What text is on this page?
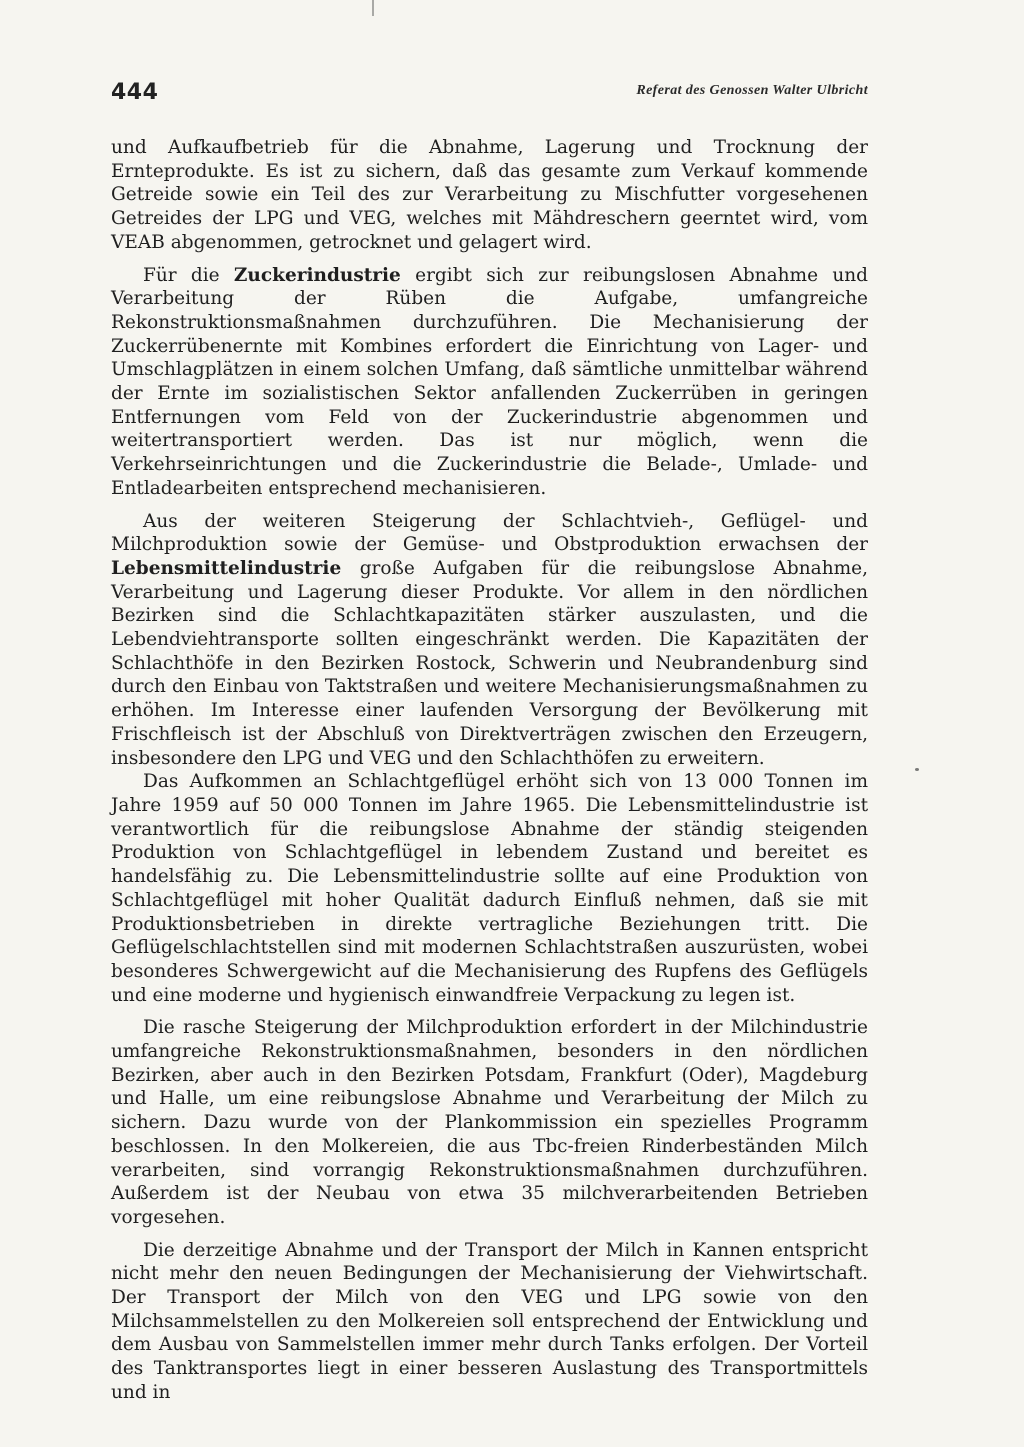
444	Referat des Genossen Walter Ulbricht

und Aufkaufbetrieb für die Abnahme, Lagerung und Trocknung der Ernteprodukte. Es ist zu sichern, daß das gesamte zum Verkauf kommende Getreide sowie ein Teil des zur Verarbeitung zu Mischfutter vorgesehenen Getreides der LPG und VEG, welches mit Mähdreschern geerntet wird, vom VEAB abgenommen, getrocknet und gelagert wird.

Für die Zuckerindustrie ergibt sich zur reibungslosen Abnahme und Verarbeitung der Rüben die Aufgabe, umfangreiche Rekonstruktionsmaßnahmen durchzuführen. Die Mechanisierung der Zuckerrübenernte mit Kombines erfordert die Einrichtung von Lager- und Umschlagplätzen in einem solchen Umfang, daß sämtliche unmittelbar während der Ernte im sozialistischen Sektor anfallenden Zuckerrüben in geringen Entfernungen vom Feld von der Zuckerindustrie abgenommen und weitertransportiert werden. Das ist nur möglich, wenn die Verkehrseinrichtungen und die Zuckerindustrie die Belade-, Umlade- und Entladearbeiten entsprechend mechanisieren.

Aus der weiteren Steigerung der Schlachtvieh-, Geflügel- und Milchproduktion sowie der Gemüse- und Obstproduktion erwachsen der Lebensmittelindustrie große Aufgaben für die reibungslose Abnahme, Verarbeitung und Lagerung dieser Produkte. Vor allem in den nördlichen Bezirken sind die Schlachtkapazitäten stärker auszulasten, und die Lebendviehtransporte sollten eingeschränkt werden. Die Kapazitäten der Schlachthöfe in den Bezirken Rostock, Schwerin und Neubrandenburg sind durch den Einbau von Taktstraßen und weitere Mechanisierungsmaßnahmen zu erhöhen. Im Interesse einer laufenden Versorgung der Bevölkerung mit Frischfleisch ist der Abschluß von Direktverträgen zwischen den Erzeugern, insbesondere den LPG und VEG und den Schlachthöfen zu erweitern.

Das Aufkommen an Schlachtgeflügel erhöht sich von 13 000 Tonnen im Jahre 1959 auf 50 000 Tonnen im Jahre 1965. Die Lebensmittelindustrie ist verantwortlich für die reibungslose Abnahme der ständig steigenden Produktion von Schlachtgeflügel in lebendem Zustand und bereitet es handelsfähig zu. Die Lebensmittelindustrie sollte auf eine Produktion von Schlachtgeflügel mit hoher Qualität dadurch Einfluß nehmen, daß sie mit Produktionsbetrieben in direkte vertragliche Beziehungen tritt. Die Geflügelschlachtstellen sind mit modernen Schlachtstraßen auszurüsten, wobei besonderes Schwergewicht auf die Mechanisierung des Rupfens des Geflügels und eine moderne und hygienisch einwandfreie Verpackung zu legen ist.

Die rasche Steigerung der Milchproduktion erfordert in der Milchindustrie umfangreiche Rekonstruktionsmaßnahmen, besonders in den nördlichen Bezirken, aber auch in den Bezirken Potsdam, Frankfurt (Oder), Magdeburg und Halle, um eine reibungslose Abnahme und Verarbeitung der Milch zu sichern. Dazu wurde von der Plankommission ein spezielles Programm beschlossen. In den Molkereien, die aus Tbc-freien Rinderbeständen Milch verarbeiten, sind vorrangig Rekonstruktionsmaßnahmen durchzuführen. Außerdem ist der Neubau von etwa 35 milchverarbeitenden Betrieben vorgesehen.

Die derzeitige Abnahme und der Transport der Milch in Kannen entspricht nicht mehr den neuen Bedingungen der Mechanisierung der Viehwirtschaft. Der Transport der Milch von den VEG und LPG sowie von den Milchsammelstellen zu den Molkereien soll entsprechend der Entwicklung und dem Ausbau von Sammelstellen immer mehr durch Tanks erfolgen. Der Vorteil des Tanktransportes liegt in einer besseren Auslastung des Transportmittels und in
